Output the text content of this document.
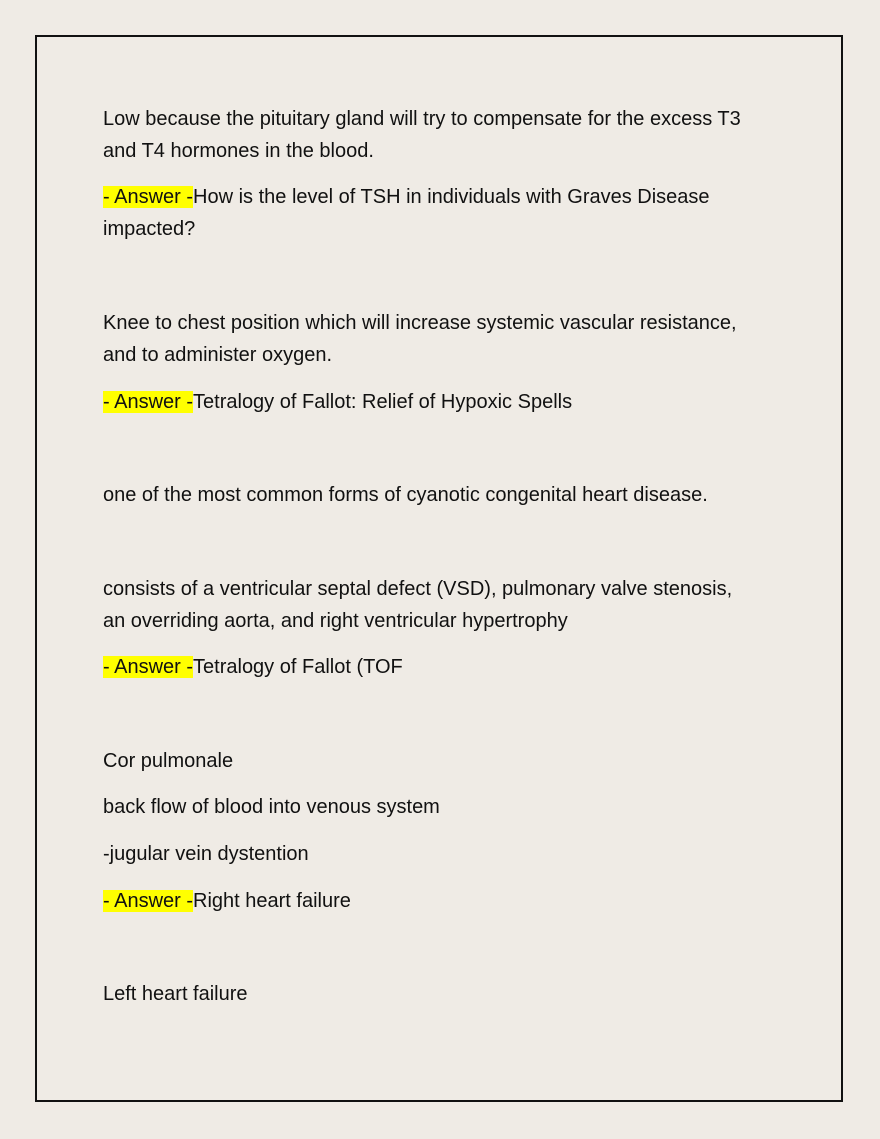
Low because the pituitary gland will try to compensate for the excess T3
and T4 hormones in the blood.
- Answer -How is the level of TSH in individuals with Graves Disease
impacted?
Knee to chest position which will increase systemic vascular resistance,
and to administer oxygen.
- Answer -Tetralogy of Fallot: Relief of Hypoxic Spells
one of the most common forms of cyanotic congenital heart disease.
consists of a ventricular septal defect (VSD), pulmonary valve stenosis,
an overriding aorta, and right ventricular hypertrophy
- Answer -Tetralogy of Fallot (TOF
Cor pulmonale
back flow of blood into venous system
-jugular vein dystention
- Answer -Right heart failure
Left heart failure
